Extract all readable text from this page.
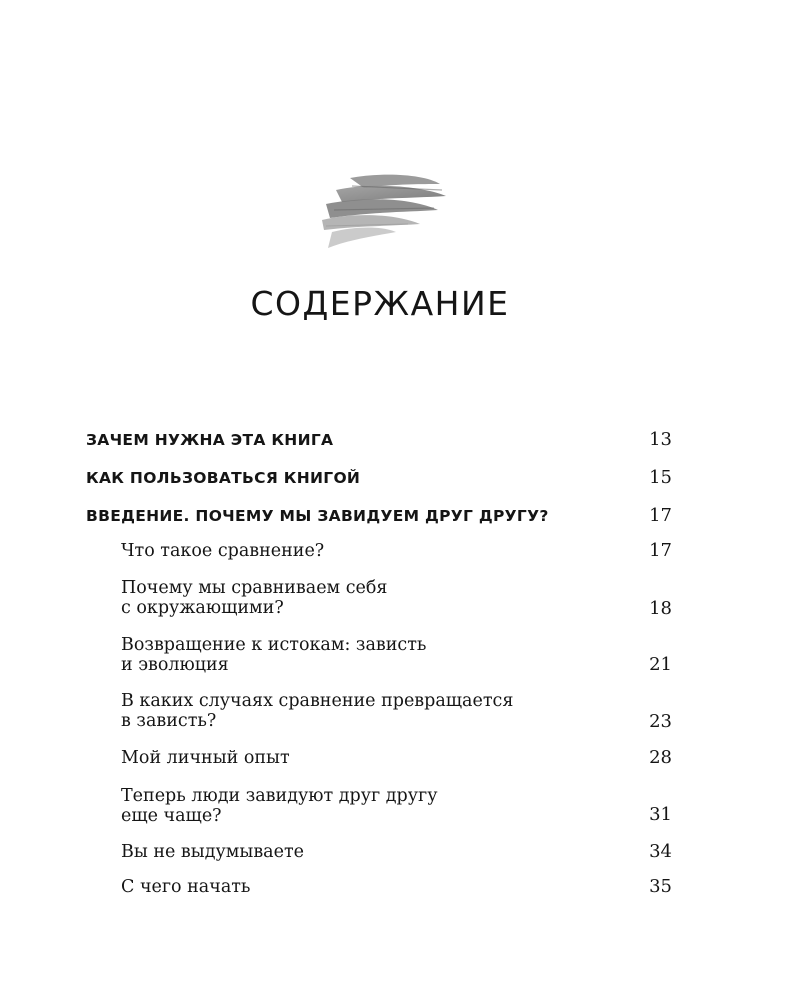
СОДЕРЖАНИЕ
ЗАЧЕМ НУЖНА ЭТА КНИГА	13
КАК ПОЛЬЗОВАТЬСЯ КНИГОЙ	15
ВВЕДЕНИЕ. ПОЧЕМУ МЫ ЗАВИДУЕМ ДРУГ ДРУГУ?	17
Что такое сравнение?	17
Почему мы сравниваем себя
с окружающими?	18
Возвращение к истокам: зависть
и эволюция	21
В каких случаях сравнение превращается
в зависть?	23
Мой личный опыт	28
Теперь люди завидуют друг другу
еще чаще?	31
Вы не выдумываете	34
С чего начать	35
